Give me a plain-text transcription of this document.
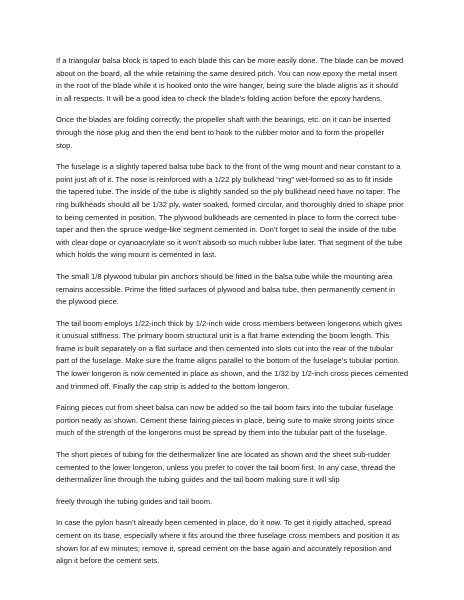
If a triangular balsa block is taped to each blade this can be more easily done. The blade can be moved
about on the board, all the while retaining the same desired pitch. You can now epoxy the metal insert
in the root of the blade while it is hooked onto the wire hanger, being sure the blade aligns as it should
in all respects. It will be a good idea to check the blade’s folding action before the epoxy hardens.

Once the blades are folding correctly, the propeller shaft with the bearings, etc. on it can be inserted
through the nose plug and then the end bent to hook to the rubber motor and to form the propeller
stop.

The fuselage is a slightly tapered balsa tube back to the front of the wing mount and near constant to a
point just aft of it. The nose is reinforced with a 1/22 ply bulkhead “ring” wet-formed so as to fit inside
the tapered tube. The inside of the tube is slightly sanded so the ply bulkhead need have no taper. The
ring bulkheads should all be 1/32 ply, water soaked, formed circular, and thoroughly dried to shape prior
to being cemented in position. The plywood bulkheads are cemented in place to form the correct tube
taper and then the spruce wedge-like segment cemented in. Don’t forget to seal the inside of the tube
with clear dope or cyanoacrylate so it won’t absorb so much rubber lube later. That segment of the tube
which holds the wing mount is cemented in last.

The small 1/8 plywood tubular pin anchors should be fitted in the balsa tube while the mounting area
remains accessible. Prime the fitted surfaces of plywood and balsa tube, then permanently cement in
the plywood piece.

The tail boom employs 1/22-inch thick by 1/2-inch wide cross members between longerons which gives
it unusual stiffness. The primary boom structural unit is a flat frame extending the boom length. This
frame is built separately on a flat surface and then cemented into slots cut into the rear of the tubular
part of the fuselage. Make sure the frame aligns parallel to the bottom of the fuselage’s tubular portion.
The lower longeron is now cemented in place as shown, and the 1/32 by 1/2-inch cross pieces cemented
and trimmed off. Finally the cap strip is added to the bottom longeron.

Fairing pieces cut from sheet balsa can now be added so the tail boom fairs into the tubular fuselage
portion neatly as shown. Cement these fairing pieces in place, being sure to make strong joints since
much of the strength of the longerons must be spread by them into the tubular part of the fuselage.

The short pieces of tubing for the dethermalizer line are located as shown and the sheet sub-rudder
cemented to the lower longeron, unless you prefer to cover the tail boom first. In any case, thread the
dethermalizer line through the tubing guides and the tail boom making sure it will slip

freely through the tubing guides and tail boom.

In case the pylon hasn’t already been cemented in place, do it now. To get it rigidly attached, spread
cement on its base, especially where it fits around the three fuselage cross members and position it as
shown for af ew minutes; remove it, spread cement on the base again and accurately reposition and
align it before the cement sets.
